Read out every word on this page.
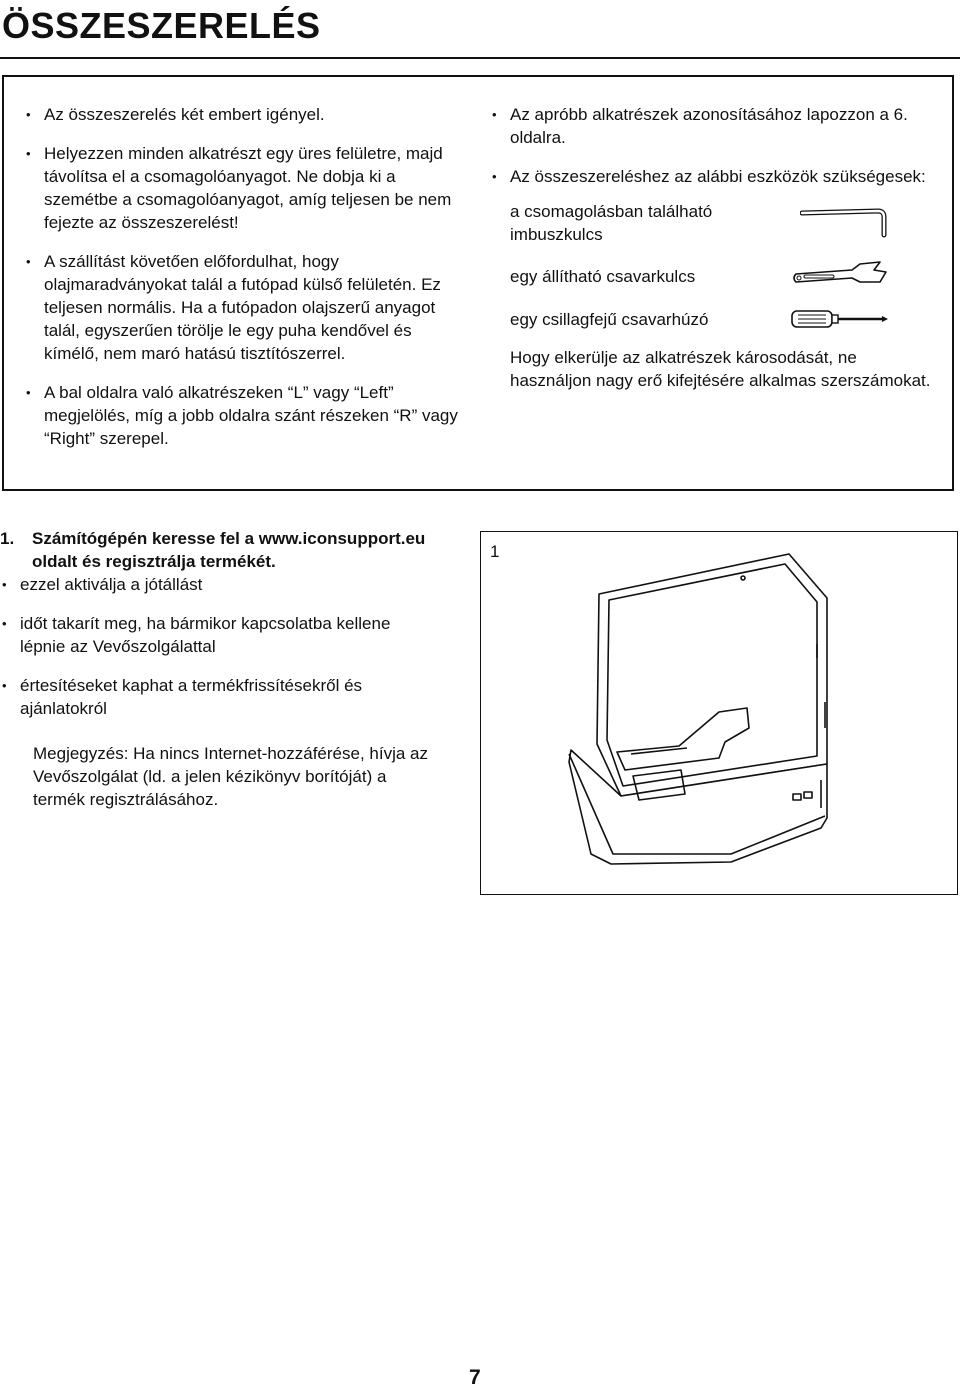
ÖSSZESZERELÉS
• Az összeszerelés két embert igényel.
• Helyezzen minden alkatrészt egy üres felületre, majd távolítsa el a csomagolóanyagot. Ne dobja ki a szemétbe a csomagolóanyagot, amíg teljesen be nem fejezte az összeszerelést!
• A szállítást követően előfordulhat, hogy olajmaradványokat talál a futópad külső felületén. Ez teljesen normális. Ha a futópadon olajszerű anyagot talál, egyszerűen törölje le egy puha kendővel és kímélő, nem maró hatású tisztítószerrel.
• A bal oldalra való alkatrészeken “L” vagy “Left” megjelölés, míg a jobb oldalra szánt részeken “R” vagy “Right” szerepel.
• Az apróbb alkatrészek azonosításához lapozzon a 6. oldalra.
• Az összeszereléshez az alábbi eszközök szükségesek:
a csomagolásban található imbuszkulcs
egy állítható csavarkulcs
egy csillagfejű csavarhúzó
Hogy elkerülje az alkatrészek károsodását, ne használjon nagy erő kifejtésére alkalmas szerszámokat.
1.	Számítógépén keresse fel a www.iconsupport.eu oldalt és regisztrálja termékét.
• ezzel aktiválja a jótállást
• időt takarít meg, ha bármikor kapcsolatba kellene lépnie az Vevőszolgálattal
• értesítéseket kaphat a termékfrissítésekről és ajánlatokról
Megjegyzés: Ha nincs Internet-hozzáférése, hívja az Vevőszolgálat (ld. a jelen kézikönyv borítóját) a termék regisztrálásához.
1
7
